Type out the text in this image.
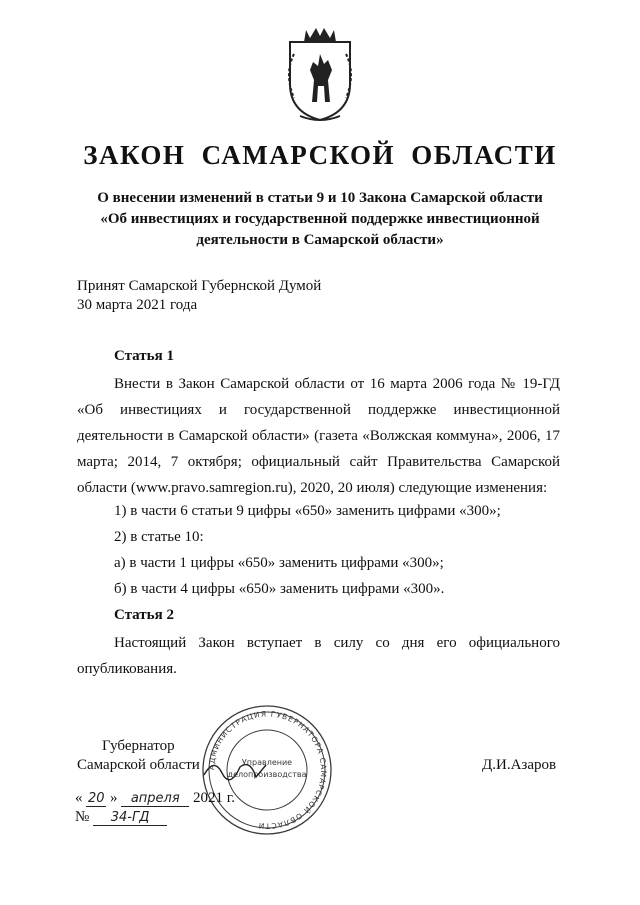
ЗАКОН САМАРСКОЙ ОБЛАСТИ
О внесении изменений в статьи 9 и 10 Закона Самарской области
«Об инвестициях и государственной поддержке инвестиционной
деятельности в Самарской области»
Принят Самарской Губернской Думой
30 марта 2021 года
Статья 1
Внести в Закон Самарской области от 16 марта 2006 года № 19-ГД «Об инвестициях и государственной поддержке инвестиционной деятельности в Самарской области» (газета «Волжская коммуна», 2006, 17 марта; 2014, 7 октября; официальный сайт Правительства Самарской области (www.pravo.samregion.ru), 2020, 20 июля) следующие изменения:
1) в части 6 статьи 9 цифры «650» заменить цифрами «300»;
2) в статье 10:
а) в части 1 цифры «650» заменить цифрами «300»;
б) в части 4 цифры «650» заменить цифрами «300».
Статья 2
Настоящий Закон вступает в силу со дня его официального опубликования.
АДМИНИСТРАЦИЯ ГУБЕРНАТОРА САМАРСКОЙ ОБЛАСТИ
Управление
делопроизводства
Губернатор
Самарской области	Д.И.Азаров
« 20 » апреля 2021 г.
№ 34-ГД
